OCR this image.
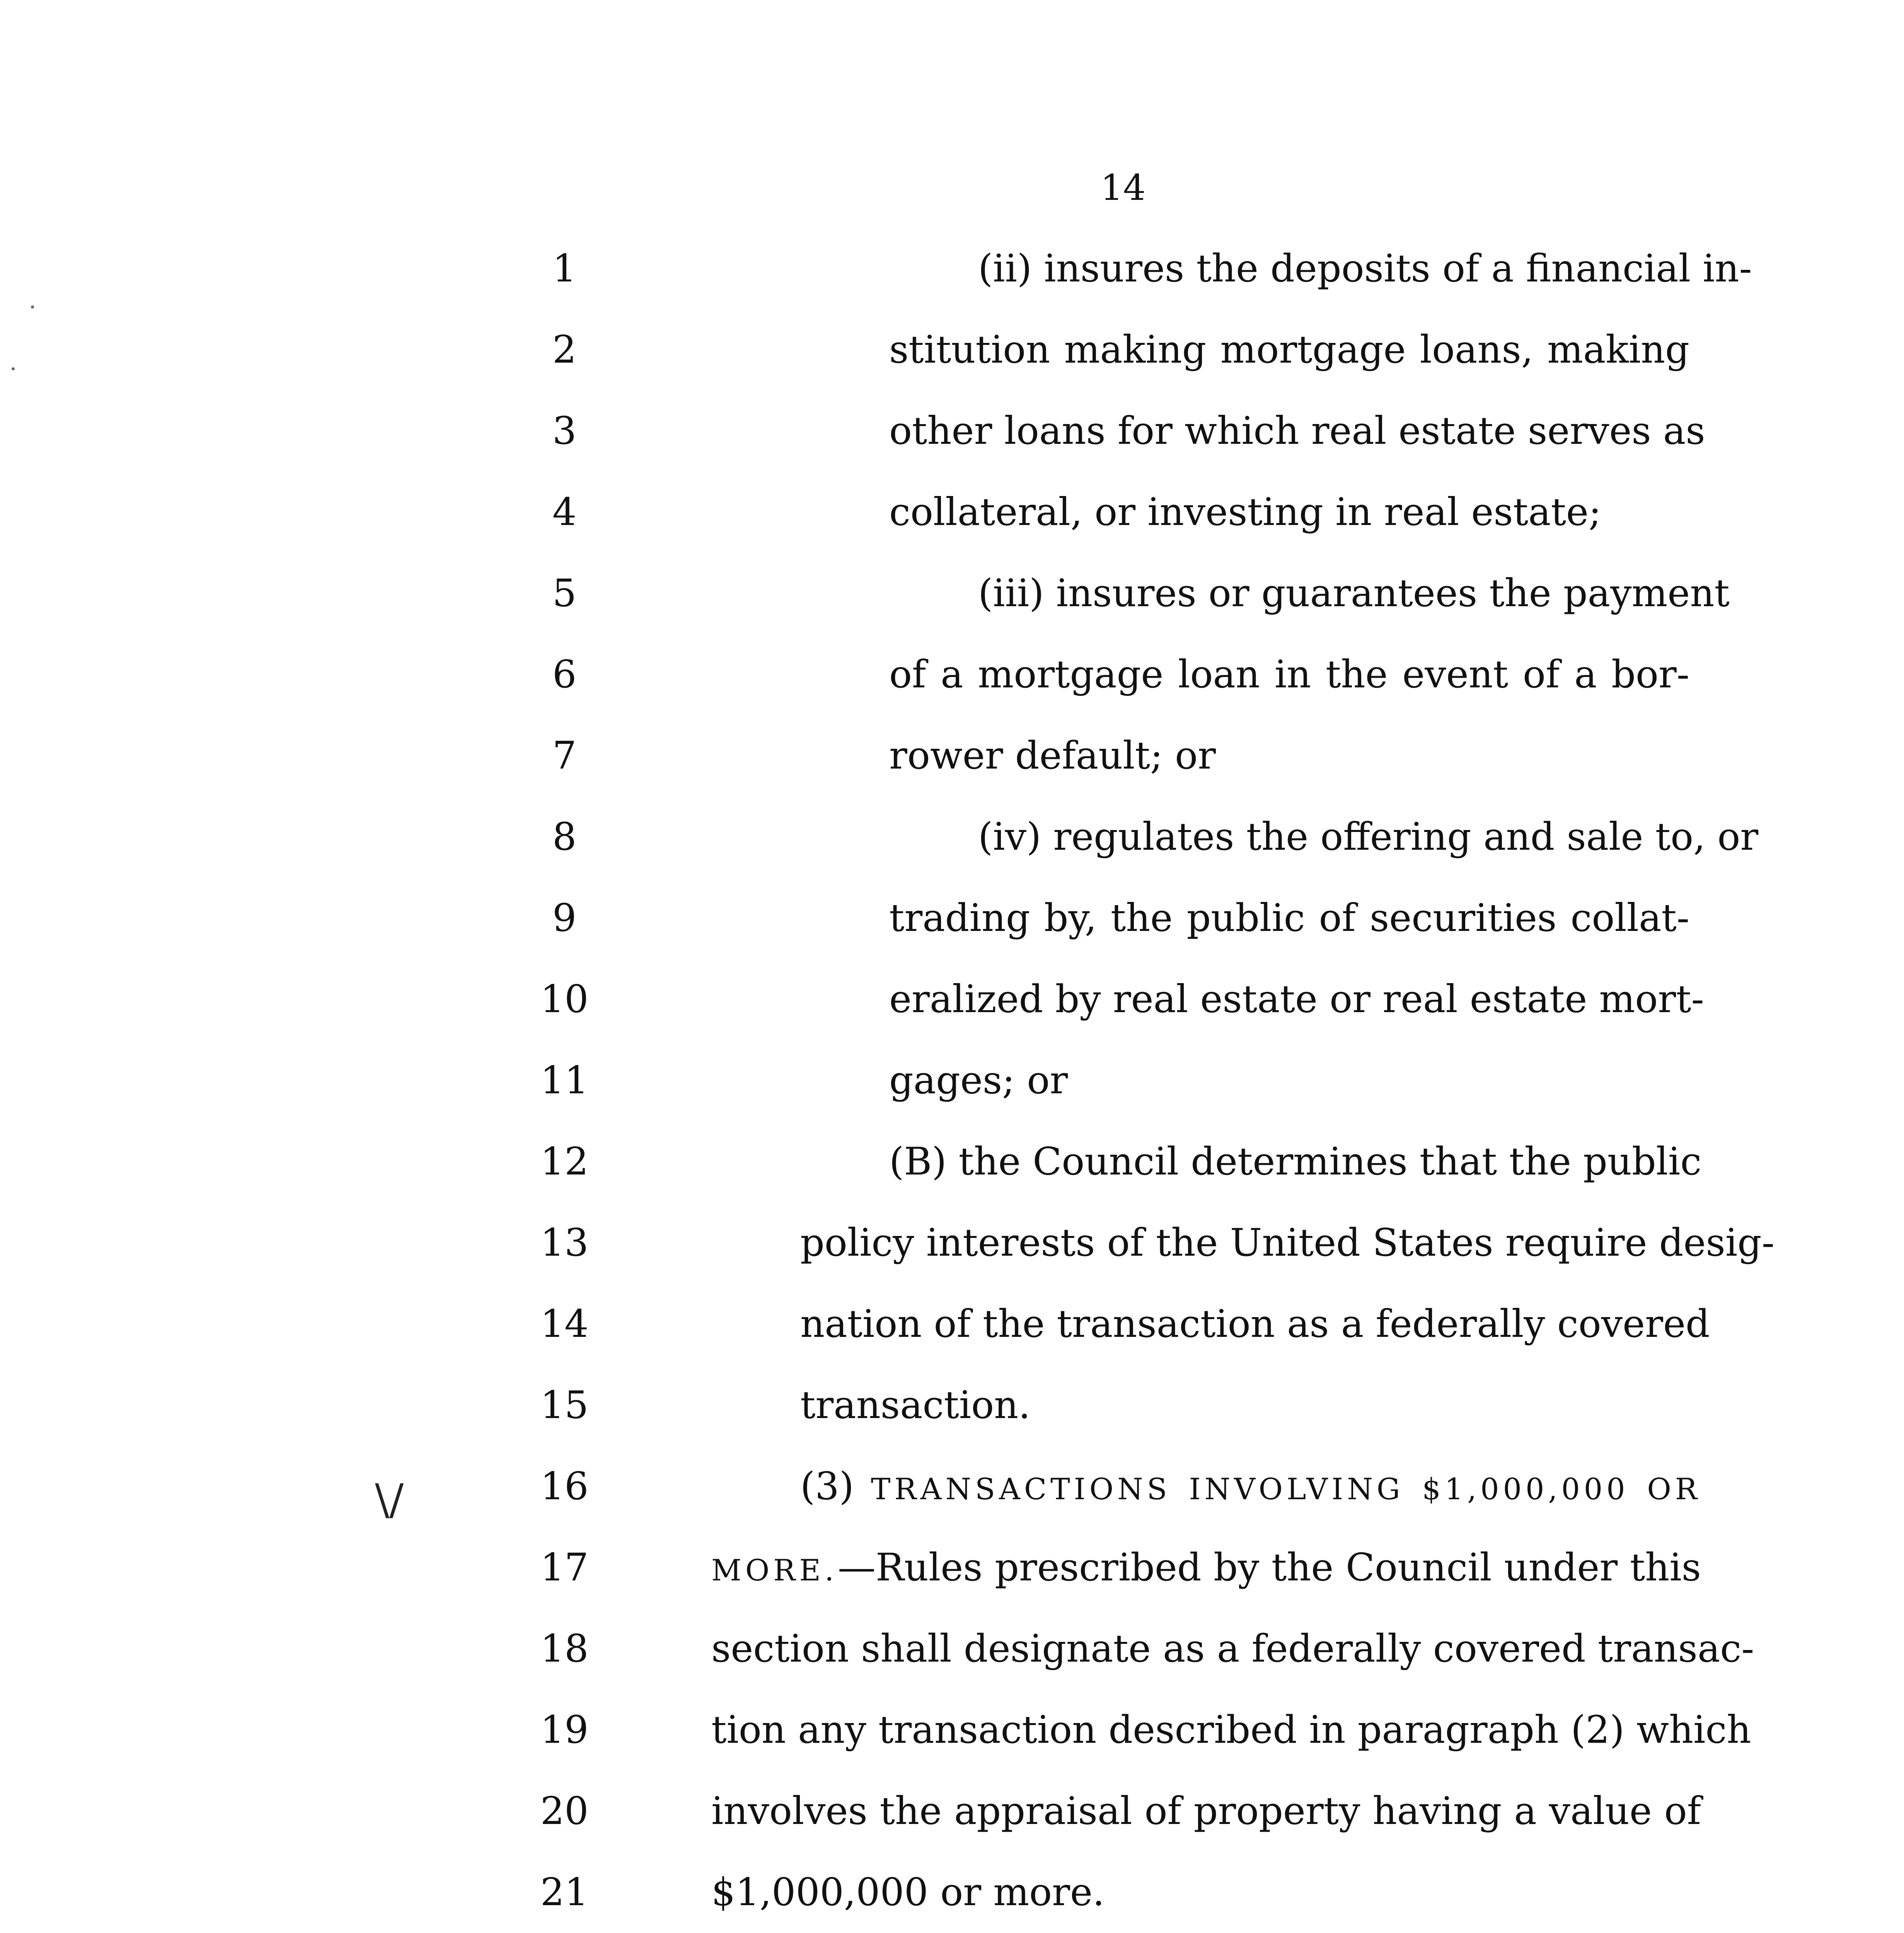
14
\/
1	(ii) insures the deposits of a financial in-
2	stitution making mortgage loans, making
3	other loans for which real estate serves as
4	collateral, or investing in real estate;
5	(iii) insures or guarantees the payment
6	of a mortgage loan in the event of a bor-
7	rower default; or
8	(iv) regulates the offering and sale to, or
9	trading by, the public of securities collat-
10	eralized by real estate or real estate mort-
11	gages; or
12	(B) the Council determines that the public
13	policy interests of the United States require desig-
14	nation of the transaction as a federally covered
15	transaction.
16	(3) TRANSACTIONS INVOLVING $1,000,000 OR
17	MORE.—Rules prescribed by the Council under this
18	section shall designate as a federally covered transac-
19	tion any transaction described in paragraph (2) which
20	involves the appraisal of property having a value of
21	$1,000,000 or more.
